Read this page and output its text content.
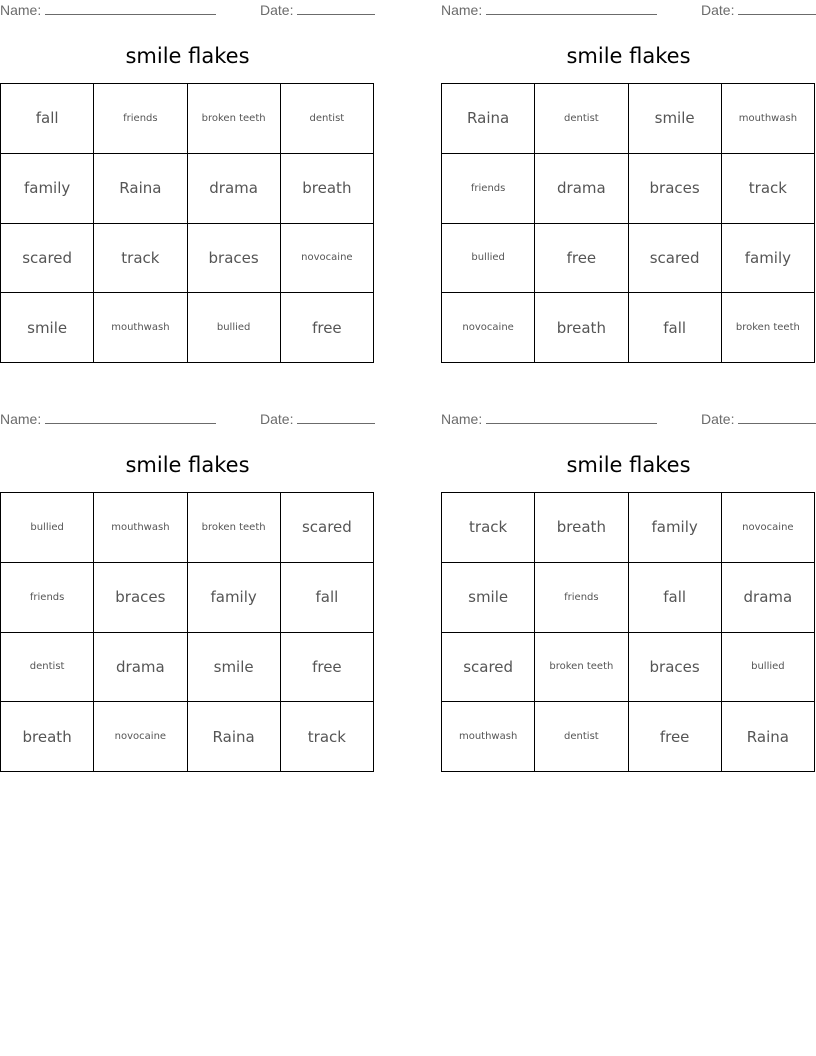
Name:	Date:
smile flakes
fall	friends	broken teeth	dentist
family	Raina	drama	breath
scared	track	braces	novocaine
smile	mouthwash	bullied	free
Name:	Date:
smile flakes
Raina	dentist	smile	mouthwash
friends	drama	braces	track
bullied	free	scared	family
novocaine	breath	fall	broken teeth
Name:	Date:
smile flakes
bullied	mouthwash	broken teeth	scared
friends	braces	family	fall
dentist	drama	smile	free
breath	novocaine	Raina	track
Name:	Date:
smile flakes
track	breath	family	novocaine
smile	friends	fall	drama
scared	broken teeth	braces	bullied
mouthwash	dentist	free	Raina
